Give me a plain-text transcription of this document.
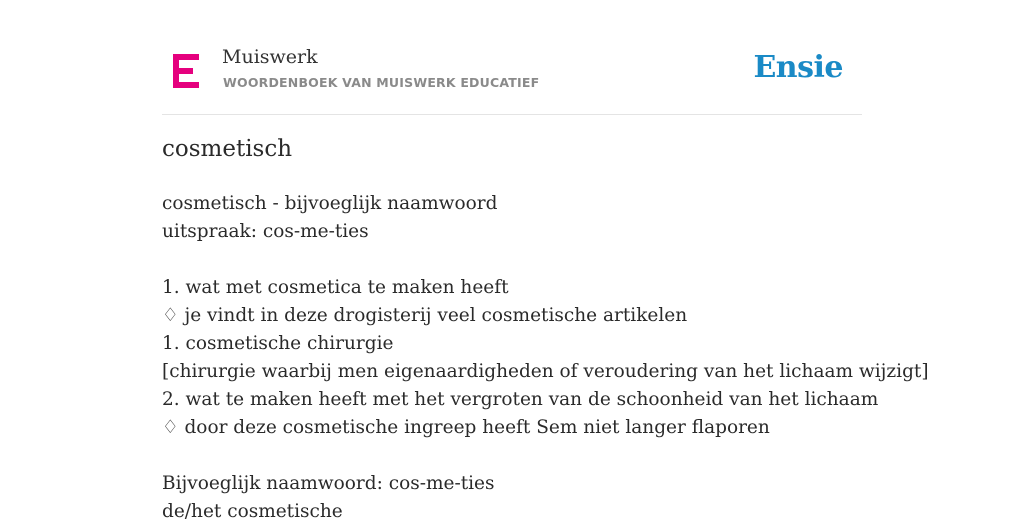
Muiswerk
WOORDENBOEK VAN MUISWERK EDUCATIEF	Ensie
cosmetisch
cosmetisch - bijvoeglijk naamwoord
uitspraak: cos-me-ties
1. wat met cosmetica te maken heeft
♢ je vindt in deze drogisterij veel cosmetische artikelen
1. cosmetische chirurgie
[chirurgie waarbij men eigenaardigheden of veroudering van het lichaam wijzigt]
2. wat te maken heeft met het vergroten van de schoonheid van het lichaam
♢ door deze cosmetische ingreep heeft Sem niet langer flaporen
Bijvoeglijk naamwoord: cos-me-ties
de/het cosmetische
